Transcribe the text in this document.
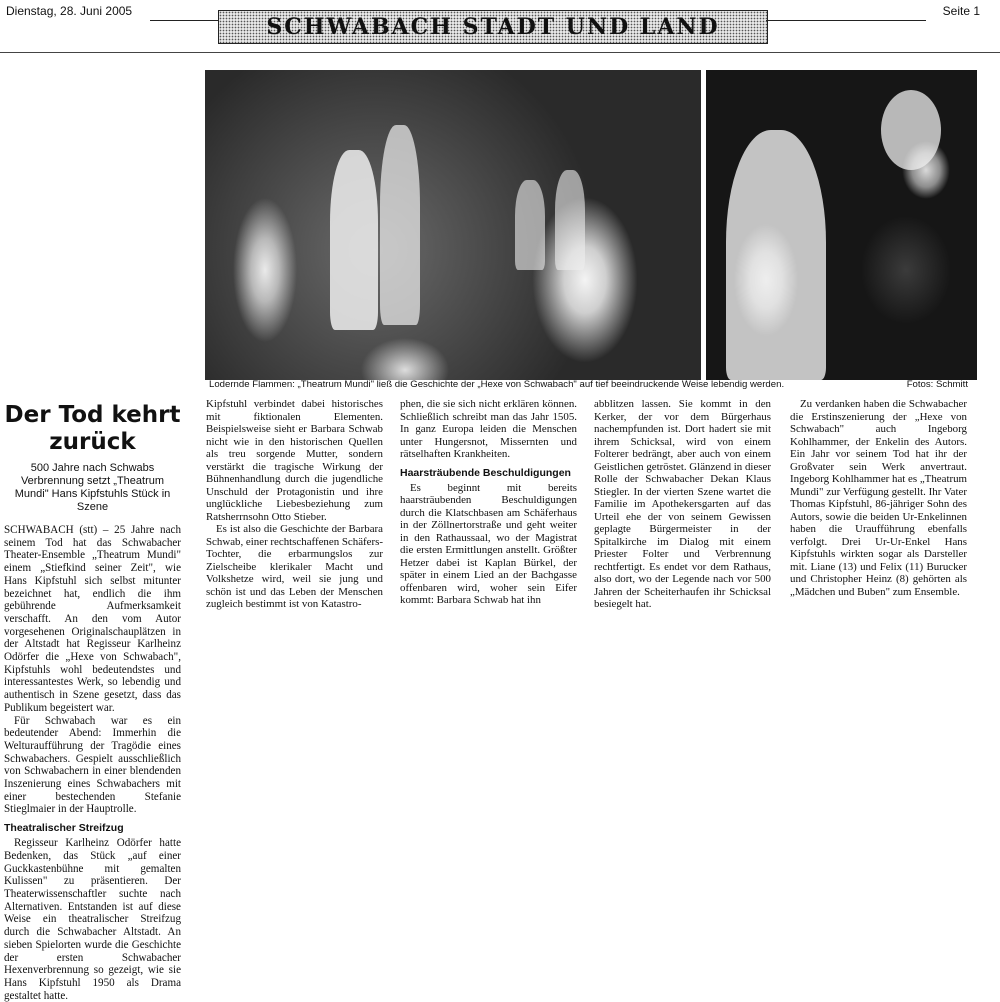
Dienstag, 28. Juni 2005
SCHWABACH STADT UND LAND
Seite 1
Der Tod kehrt zurück
500 Jahre nach Schwabs Verbrennung setzt „Theatrum Mundi" Hans Kipfstuhls Stück in Szene

SCHWABACH (stt) – 25 Jahre nach seinem Tod hat das Schwabacher Theater-Ensemble „Theatrum Mundi" einem „Stiefkind seiner Zeit", wie Hans Kipfstuhl sich selbst mitunter bezeichnet hat, endlich die ihm gebührende Aufmerksamkeit verschafft. An den vom Autor vorgesehenen Originalschauplätzen in der Altstadt hat Regisseur Karlheinz Odörfer die „Hexe von Schwabach", Kipfstuhls wohl bedeutendstes und interessantestes Werk, so lebendig und authentisch in Szene gesetzt, dass das Publikum begeistert war.

Für Schwabach war es ein bedeutender Abend: Immerhin die Welturaufführung der Tragödie eines Schwabachers. Gespielt ausschließlich von Schwabachern in einer blendenden Inszenierung eines Schwabachers mit einer bestechenden Stefanie Stieglmaier in der Hauptrolle.

Theatralischer Streifzug

Regisseur Karlheinz Odörfer hatte Bedenken, das Stück „auf einer Guckkastenbühne mit gemalten Kulissen" zu präsentieren. Der Theaterwissenschaftler suchte nach Alternativen. Entstanden ist auf diese Weise ein theatralischer Streifzug durch die Schwabacher Altstadt. An sieben Spielorten wurde die Geschichte der ersten Schwabacher Hexenverbrennung so gezeigt, wie sie Hans Kipfstuhl 1950 als Drama gestaltet hatte.

Lodernde Flammen: „Theatrum Mundi" ließ die Geschichte der „Hexe von Schwabach" auf tief beeindruckende Weise lebendig werden.	Fotos: Schmitt

Kipfstuhl verbindet dabei historisches mit fiktionalen Elementen. Beispielsweise sieht er Barbara Schwab nicht wie in den historischen Quellen als treu sorgende Mutter, sondern verstärkt die tragische Wirkung der Bühnenhandlung durch die jugendliche Unschuld der Protagonistin und ihre unglückliche Liebesbeziehung zum Ratsherrnsohn Otto Stieber.

Es ist also die Geschichte der Barbara Schwab, einer rechtschaffenen Schäfers-Tochter, die erbarmungslos zur Zielscheibe klerikaler Macht und Volkshetze wird, weil sie jung und schön ist und das Leben der Menschen zugleich bestimmt ist von Katastro-

phen, die sie sich nicht erklären können. Schließlich schreibt man das Jahr 1505. In ganz Europa leiden die Menschen unter Hungersnot, Missernten und rätselhaften Krankheiten.

Haarsträubende Beschuldigungen

Es beginnt mit bereits haarsträubenden Beschuldigungen durch die Klatschbasen am Schäferhaus in der Zöllnertorstraße und geht weiter in den Rathaussaal, wo der Magistrat die ersten Ermittlungen anstellt. Größter Hetzer dabei ist Kaplan Bürkel, der später in einem Lied an der Bachgasse offenbaren wird, woher sein Eifer kommt: Barbara Schwab hat ihn

abblitzen lassen. Sie kommt in den Kerker, der vor dem Bürgerhaus nachempfunden ist. Dort hadert sie mit ihrem Schicksal, wird von einem Folterer bedrängt, aber auch von einem Geistlichen getröstet. Glänzend in dieser Rolle der Schwabacher Dekan Klaus Stiegler. In der vierten Szene wartet die Familie im Apothekersgarten auf das Urteil ehe der von seinem Gewissen geplagte Bürgermeister in der Spitalkirche im Dialog mit einem Priester Folter und Verbrennung rechtfertigt. Es endet vor dem Rathaus, also dort, wo der Legende nach vor 500 Jahren der Scheiterhaufen ihr Schicksal besiegelt hat.

Zu verdanken haben die Schwabacher die Erstinszenierung der „Hexe von Schwabach" auch Ingeborg Kohlhammer, der Enkelin des Autors. Ein Jahr vor seinem Tod hat ihr der Großvater sein Werk anvertraut. Ingeborg Kohlhammer hat es „Theatrum Mundi" zur Verfügung gestellt. Ihr Vater Thomas Kipfstuhl, 86-jähriger Sohn des Autors, sowie die beiden Ur-Enkelinnen haben die Uraufführung ebenfalls verfolgt. Drei Ur-Ur-Enkel Hans Kipfstuhls wirkten sogar als Darsteller mit. Liane (13) und Felix (11) Burucker und Christopher Heinz (8) gehörten als „Mädchen und Buben" zum Ensemble.
